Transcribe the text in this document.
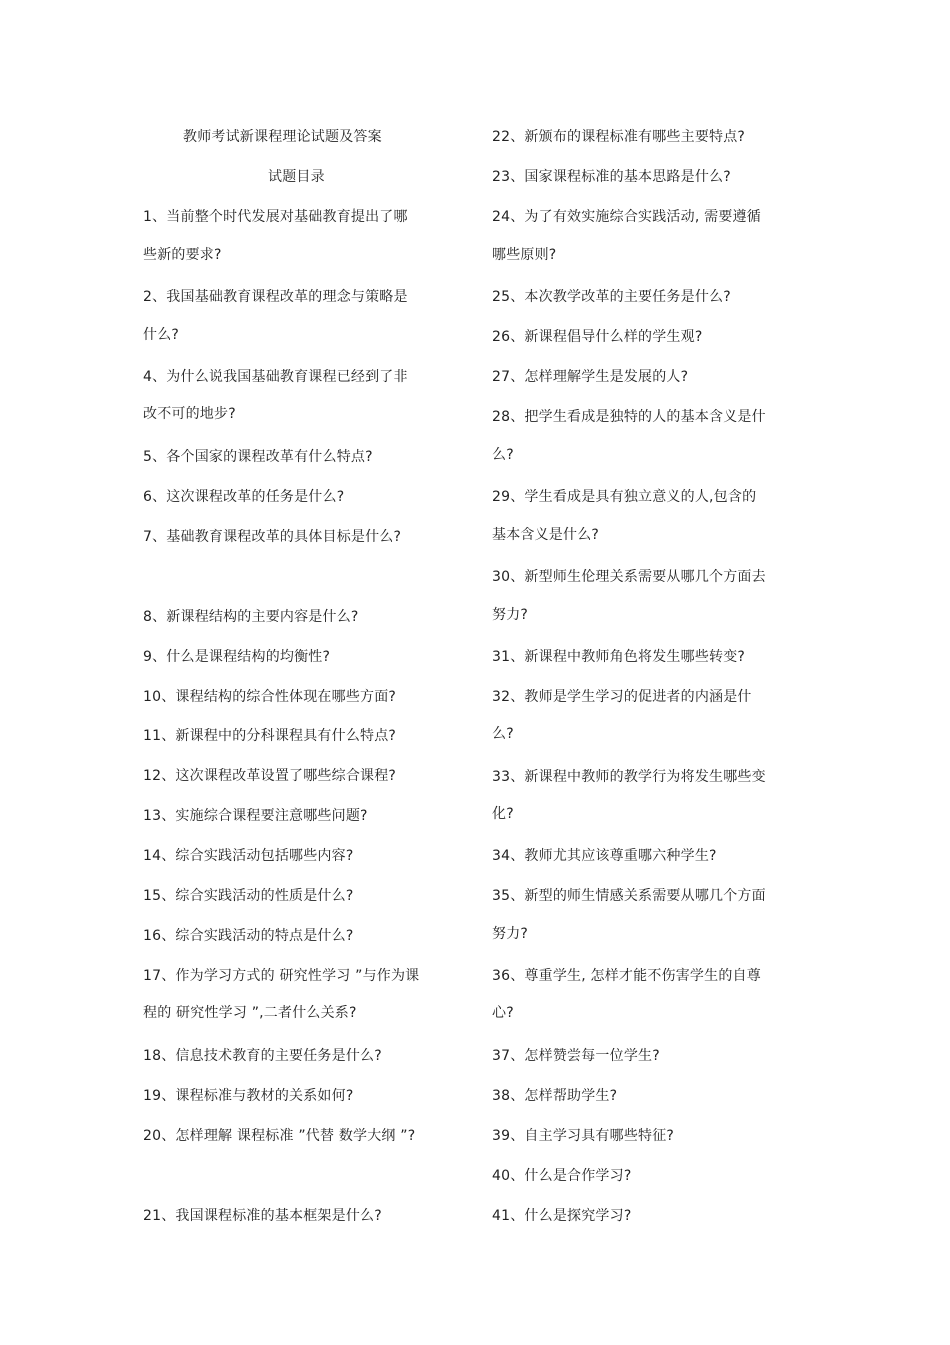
教师考试新课程理论试题及答案
试题目录
1、当前整个时代发展对基础教育提出了哪
些新的要求?
2、我国基础教育课程改革的理念与策略是
什么?
4、为什么说我国基础教育课程已经到了非
改不可的地步?
5、各个国家的课程改革有什么特点?
6、这次课程改革的任务是什么?
7、基础教育课程改革的具体目标是什么?
8、新课程结构的主要内容是什么?
9、什么是课程结构的均衡性?
10、课程结构的综合性体现在哪些方面?
11、新课程中的分科课程具有什么特点?
12、这次课程改革设置了哪些综合课程?
13、实施综合课程要注意哪些问题?
14、综合实践活动包括哪些内容?
15、综合实践活动的性质是什么?
16、综合实践活动的特点是什么?
17、作为学习方式的 研究性学习 ”与作为课
程的 研究性学习 ”,二者什么关系?
18、信息技术教育的主要任务是什么?
19、课程标准与教材的关系如何?
20、怎样理解 课程标准 ”代替 数学大纲 ”?
21、我国课程标准的基本框架是什么?
22、新颁布的课程标准有哪些主要特点?
23、国家课程标准的基本思路是什么?
24、为了有效实施综合实践活动, 需要遵循
哪些原则?
25、本次教学改革的主要任务是什么?
26、新课程倡导什么样的学生观?
27、怎样理解学生是发展的人?
28、把学生看成是独特的人的基本含义是什
么?
29、学生看成是具有独立意义的人,包含的
基本含义是什么?
30、新型师生伦理关系需要从哪几个方面去
努力?
31、新课程中教师角色将发生哪些转变?
32、教师是学生学习的促进者的内涵是什
么?
33、新课程中教师的教学行为将发生哪些变
化?
34、教师尤其应该尊重哪六种学生?
35、新型的师生情感关系需要从哪几个方面
努力?
36、尊重学生, 怎样才能不伤害学生的自尊
心?
37、怎样赞尝每一位学生?
38、怎样帮助学生?
39、自主学习具有哪些特征?
40、什么是合作学习?
41、什么是探究学习?
